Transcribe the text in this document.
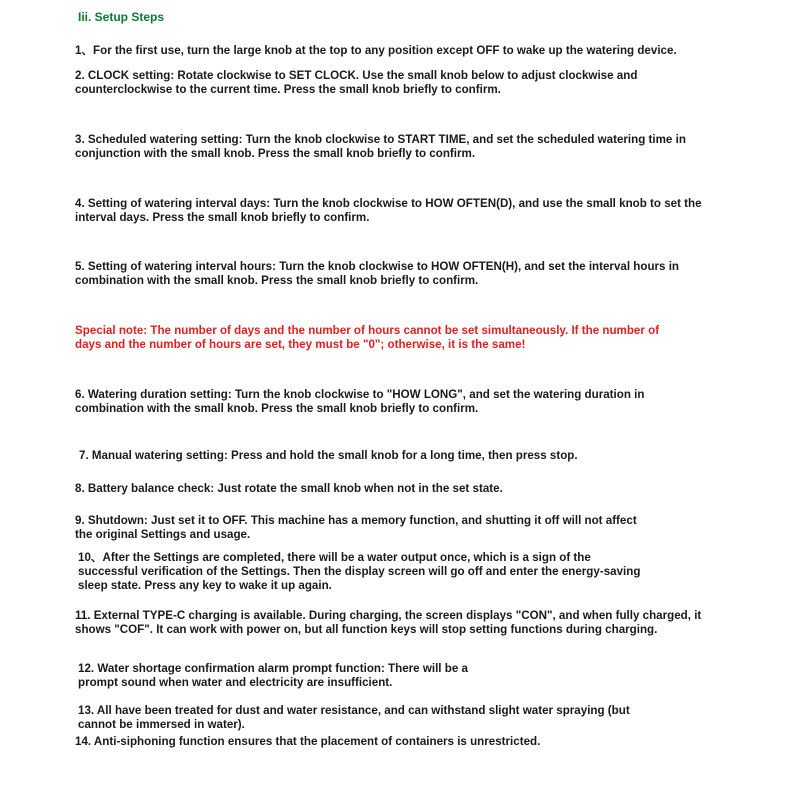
Iii. Setup Steps
1、For the first use, turn the large knob at the top to any position except OFF to wake up the watering device.
2. CLOCK setting: Rotate clockwise to SET CLOCK. Use the small knob below to adjust clockwise and
counterclockwise to the current time. Press the small knob briefly to confirm.
3. Scheduled watering setting: Turn the knob clockwise to START TIME, and set the scheduled watering time in
conjunction with the small knob. Press the small knob briefly to confirm.
4. Setting of watering interval days: Turn the knob clockwise to HOW OFTEN(D), and use the small knob to set the
interval days. Press the small knob briefly to confirm.
5. Setting of watering interval hours: Turn the knob clockwise to HOW OFTEN(H), and set the interval hours in
combination with the small knob. Press the small knob briefly to confirm.
Special note: The number of days and the number of hours cannot be set simultaneously. If the number of
days and the number of hours are set, they must be "0"; otherwise, it is the same!
6. Watering duration setting: Turn the knob clockwise to "HOW LONG", and set the watering duration in
combination with the small knob. Press the small knob briefly to confirm.
7. Manual watering setting: Press and hold the small knob for a long time, then press stop.
8. Battery balance check: Just rotate the small knob when not in the set state.
9. Shutdown: Just set it to OFF. This machine has a memory function, and shutting it off will not affect
the original Settings and usage.
10、After the Settings are completed, there will be a water output once, which is a sign of the
successful verification of the Settings. Then the display screen will go off and enter the energy-saving
sleep state. Press any key to wake it up again.
11. External TYPE-C charging is available. During charging, the screen displays "CON", and when fully charged, it
shows "COF". It can work with power on, but all function keys will stop setting functions during charging.
12. Water shortage confirmation alarm prompt function: There will be a
prompt sound when water and electricity are insufficient.
13. All have been treated for dust and water resistance, and can withstand slight water spraying (but
cannot be immersed in water).
14. Anti-siphoning function ensures that the placement of containers is unrestricted.
